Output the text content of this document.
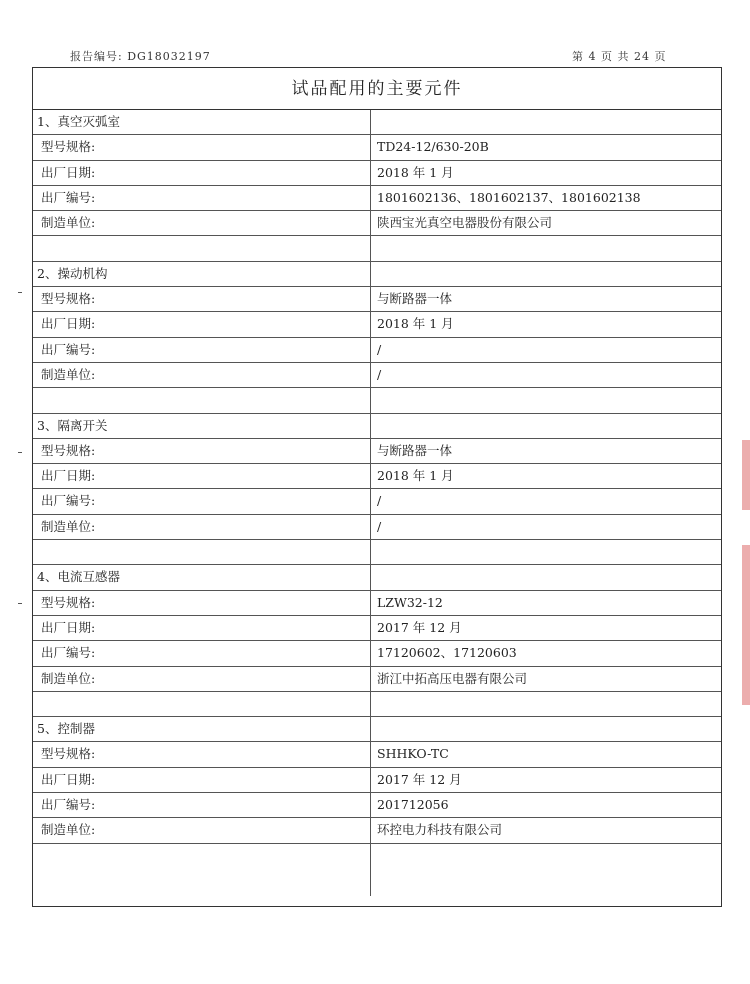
报告编号: DG18032197	第 4 页 共 24 页
试品配用的主要元件
1、真空灭弧室
型号规格:	TD24-12/630-20B
出厂日期:	2018 年 1 月
出厂编号:	1801602136、1801602137、1801602138
制造单位:	陕西宝光真空电器股份有限公司
2、操动机构
型号规格:	与断路器一体
出厂日期:	2018 年 1 月
出厂编号:	/
制造单位:	/
3、隔离开关
型号规格:	与断路器一体
出厂日期:	2018 年 1 月
出厂编号:	/
制造单位:	/
4、电流互感器
型号规格:	LZW32-12
出厂日期:	2017 年 12 月
出厂编号:	17120602、17120603
制造单位:	浙江中拓高压电器有限公司
5、控制器
型号规格:	SHHKO-TC
出厂日期:	2017 年 12 月
出厂编号:	201712056
制造单位:	环控电力科技有限公司
